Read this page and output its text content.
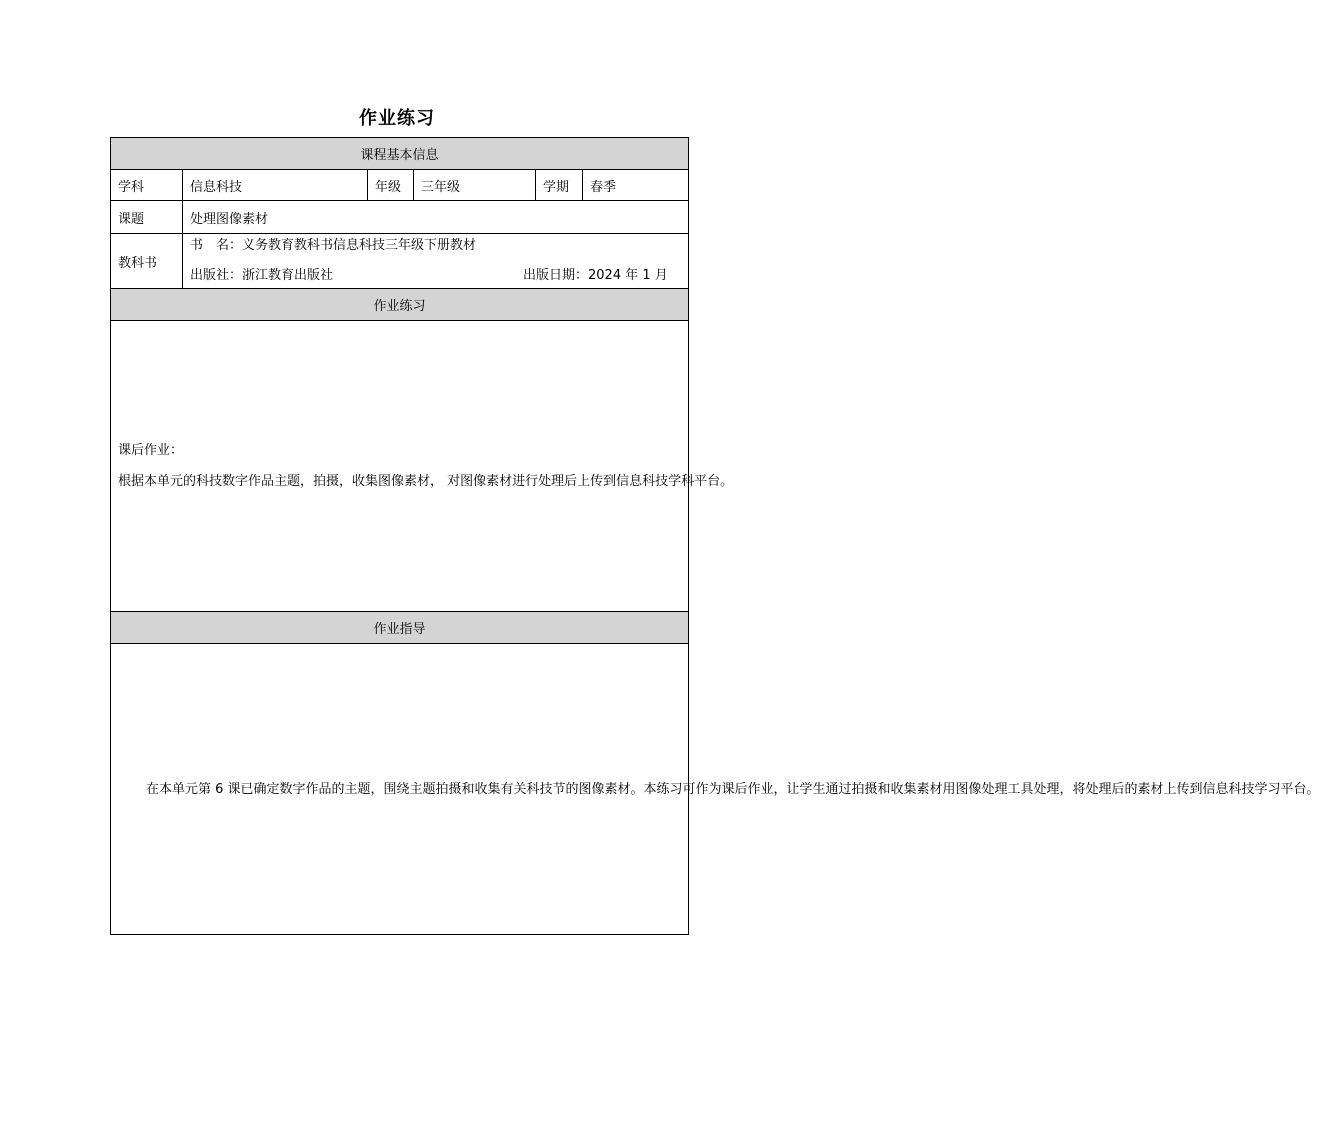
作业练习
课程基本信息					
学科	信息科技	年级	三年级	学期	春季
课题	处理图像素材				
教科书	书　名：义务教育教科书信息科技三年级下册教材
出版社：浙江教育出版社 出版日期：2024 年 1 月				

作业练习					

课后作业：

根据本单元的科技数字作品主题，拍摄，收集图像素材， 对图像素材进行处理后上传到信息科技学科平台。					

作业指导					

在本单元第 6 课已确定数字作品的主题，围绕主题拍摄和收集有关科技节的图像素材。本练习可作为课后作业，让学生通过拍摄和收集素材用图像处理工具处理，将处理后的素材上传到信息科技学习平台。					
